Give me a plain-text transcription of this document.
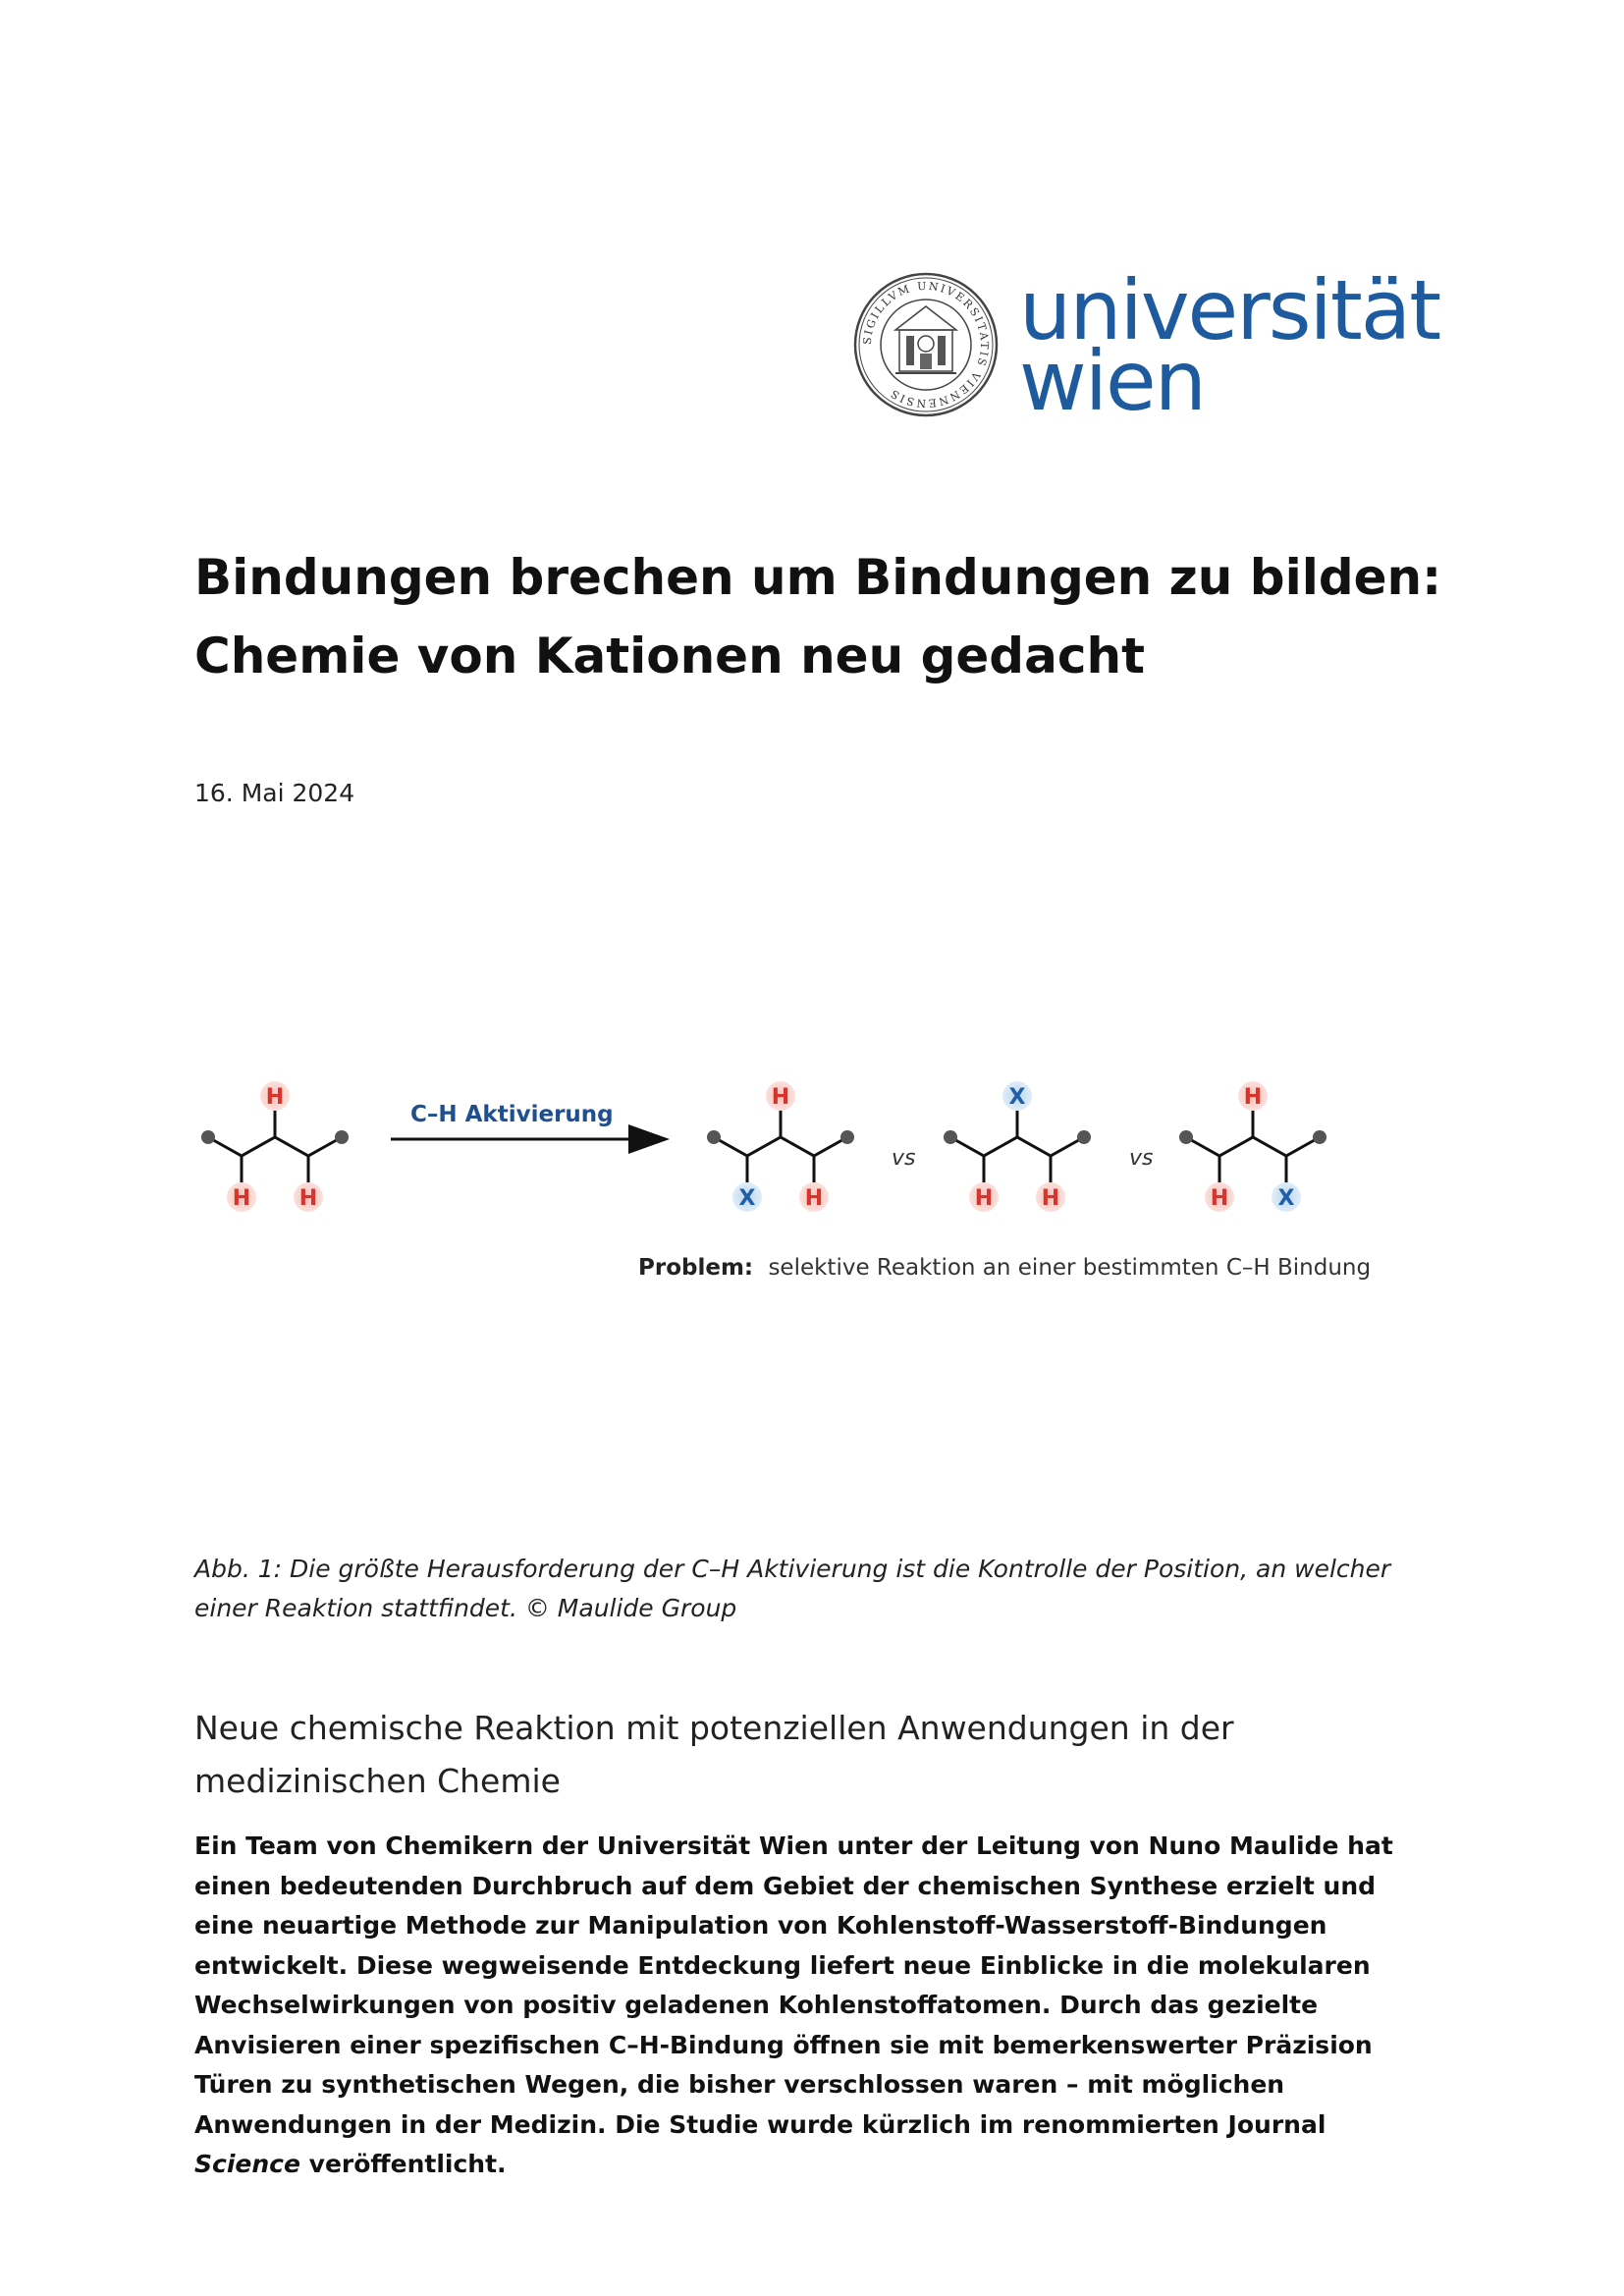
SIGILLVM UNIVERSITATIS VIENNENSIS
universität
wien
Bindungen brechen um Bindungen zu bilden:
Chemie von Kationen neu gedacht
16. Mai 2024
H
H H
C–H Aktivierung
H
X H
vs
X
H H
vs
H
H X
Problem: selektive Reaktion an einer bestimmten C–H Bindung
Abb. 1: Die größte Herausforderung der C–H Aktivierung ist die Kontrolle der Position, an welcher einer Reaktion stattfindet. © Maulide Group
Neue chemische Reaktion mit potenziellen Anwendungen in der medizinischen Chemie
Ein Team von Chemikern der Universität Wien unter der Leitung von Nuno Maulide hat einen bedeutenden Durchbruch auf dem Gebiet der chemischen Synthese erzielt und eine neuartige Methode zur Manipulation von Kohlenstoff-Wasserstoff-Bindungen entwickelt. Diese wegweisende Entdeckung liefert neue Einblicke in die molekularen Wechselwirkungen von positiv geladenen Kohlenstoffatomen. Durch das gezielte Anvisieren einer spezifischen C–H-Bindung öffnen sie mit bemerkenswerter Präzision Türen zu synthetischen Wegen, die bisher verschlossen waren – mit möglichen Anwendungen in der Medizin. Die Studie wurde kürzlich im renommierten Journal Science veröffentlicht.
